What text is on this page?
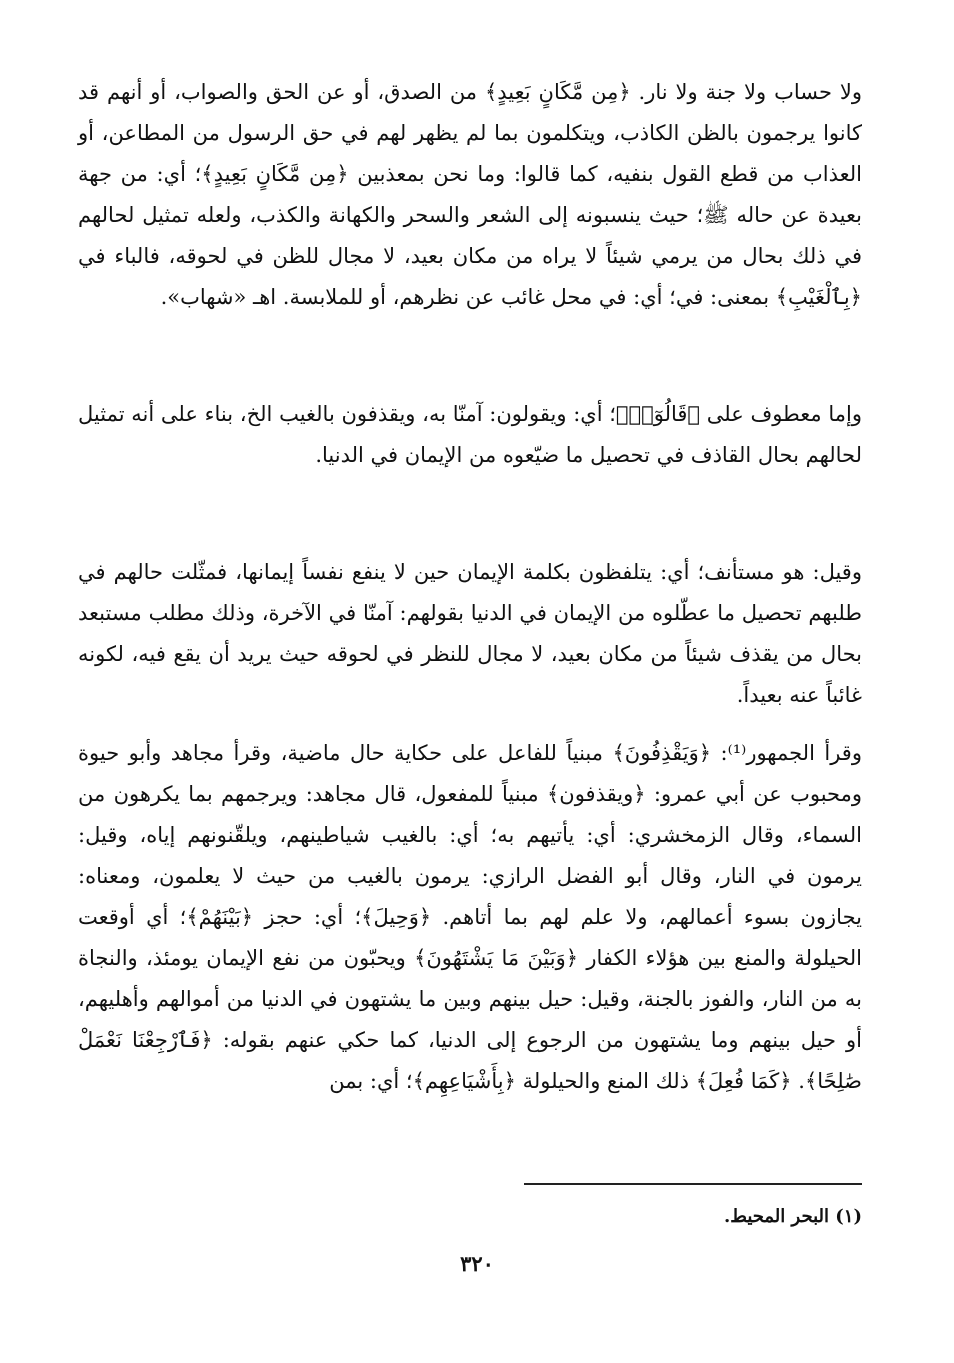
ولا حساب ولا جنة ولا نار. ﴿مِن مَّكَانٍ بَعِيدٍ﴾ من الصدق، أو عن الحق والصواب، أو أنهم قد كانوا يرجمون بالظن الكاذب، ويتكلمون بما لم يظهر لهم في حق الرسول من المطاعن، أو العذاب من قطع القول بنفيه، كما قالوا: وما نحن بمعذبين ﴿مِن مَّكَانٍ بَعِيدٍ﴾؛ أي: من جهة بعيدة عن حاله ﷺ؛ حيث ينسبونه إلى الشعر والسحر والكهانة والكذب، ولعله تمثيل لحالهم في ذلك بحال من يرمي شيئاً لا يراه من مكان بعيد، لا مجال للظن في لحوقه، فالباء في ﴿بِٱلْغَيْبِ﴾ بمعنى: في؛ أي: في محل غائب عن نظرهم، أو للملابسة. اهـ «شهاب».

وإما معطوف على ﴿قَالُوٓا۟﴾؛ أي: ويقولون: آمنّا به، ويقذفون بالغيب الخ، بناء على أنه تمثيل لحالهم بحال القاذف في تحصيل ما ضيّعوه من الإيمان في الدنيا.

وقيل: هو مستأنف؛ أي: يتلفظون بكلمة الإيمان حين لا ينفع نفساً إيمانها، فمثّلت حالهم في طلبهم تحصيل ما عطّلوه من الإيمان في الدنيا بقولهم: آمنّا في الآخرة، وذلك مطلب مستبعد بحال من يقذف شيئاً من مكان بعيد، لا مجال للنظر في لحوقه حيث يريد أن يقع فيه، لكونه غائباً عنه بعيداً.

وقرأ الجمهور⁽¹⁾: ﴿وَيَقْذِفُونَ﴾ مبنياً للفاعل على حكاية حال ماضية، وقرأ مجاهد وأبو حيوة ومحبوب عن أبي عمرو: ﴿ويقذفون﴾ مبنياً للمفعول، قال مجاهد: ويرجمهم بما يكرهون من السماء، وقال الزمخشري: أي: يأتيهم به؛ أي: بالغيب شياطينهم، ويلقّنونهم إياه، وقيل: يرمون في النار، وقال أبو الفضل الرازي: يرمون بالغيب من حيث لا يعلمون، ومعناه: يجازون بسوء أعمالهم، ولا علم لهم بما أتاهم. ﴿وَحِيلَ﴾؛ أي: حجز ﴿بَيْنَهُمْ﴾؛ أي أوقعت الحيلولة والمنع بين هؤلاء الكفار ﴿وَبَيْنَ مَا يَشْتَهُونَ﴾ ويحبّون من نفع الإيمان يومئذ، والنجاة به من النار، والفوز بالجنة، وقيل: حيل بينهم وبين ما يشتهون في الدنيا من أموالهم وأهليهم، أو حيل بينهم وما يشتهون من الرجوع إلى الدنيا، كما حكي عنهم بقوله: ﴿فَٱرْجِعْنَا نَعْمَلْ صَٰلِحًا﴾. ﴿كَمَا فُعِلَ﴾ ذلك المنع والحيلولة ﴿بِأَشْيَاعِهِم﴾؛ أي: بمن

(١) البحر المحيط.

٣٢٠
